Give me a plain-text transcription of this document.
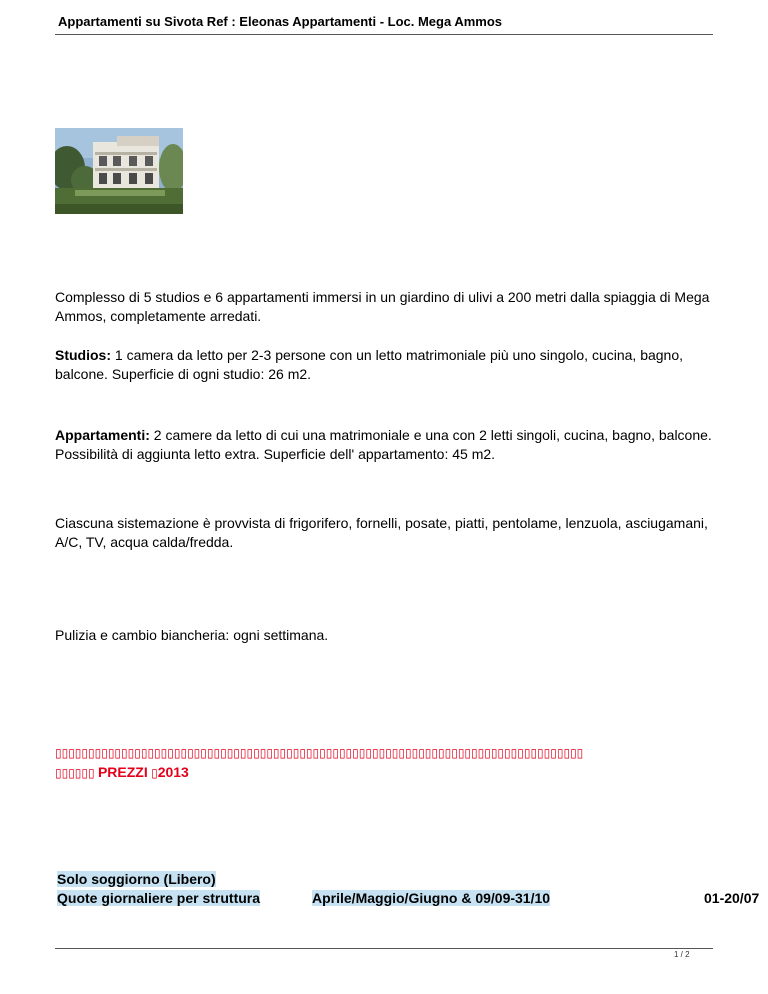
Appartamenti su Sivota Ref : Eleonas Appartamenti - Loc. Mega Ammos
Complesso di 5 studios e 6 appartamenti immersi in un giardino di ulivi a 200 metri dalla spiaggia di Mega Ammos, completamente arredati.
Studios: 1 camera da letto per 2-3 persone con un letto matrimoniale più uno singolo, cucina, bagno, balcone. Superficie di ogni studio: 26 m2.
Appartamenti: 2 camere da letto di cui una matrimoniale e una con 2 letti singoli, cucina, bagno, balcone. Possibilità di aggiunta letto extra. Superficie dell' appartamento: 45 m2.
Ciascuna sistemazione è provvista di frigorifero, fornelli, posate, piatti, pentolame, lenzuola, asciugamani, A/C, TV, acqua calda/fredda.
Pulizia e cambio biancheria: ogni settimana.
▯▯▯▯▯▯▯▯▯▯▯▯▯▯▯▯▯▯▯▯▯▯▯▯▯▯▯▯▯▯▯▯▯▯▯▯▯▯▯▯▯▯▯▯▯▯▯▯▯▯▯▯▯▯▯▯▯▯▯▯▯▯▯▯▯▯▯▯▯▯▯▯▯▯▯▯▯▯▯▯
▯▯▯▯▯▯ PREZZI ▯2013
Solo soggiorno (Libero)
Quote giornaliere per struttura	Aprile/Maggio/Giugno & 09/09-31/10	01-20/07
1 / 2
